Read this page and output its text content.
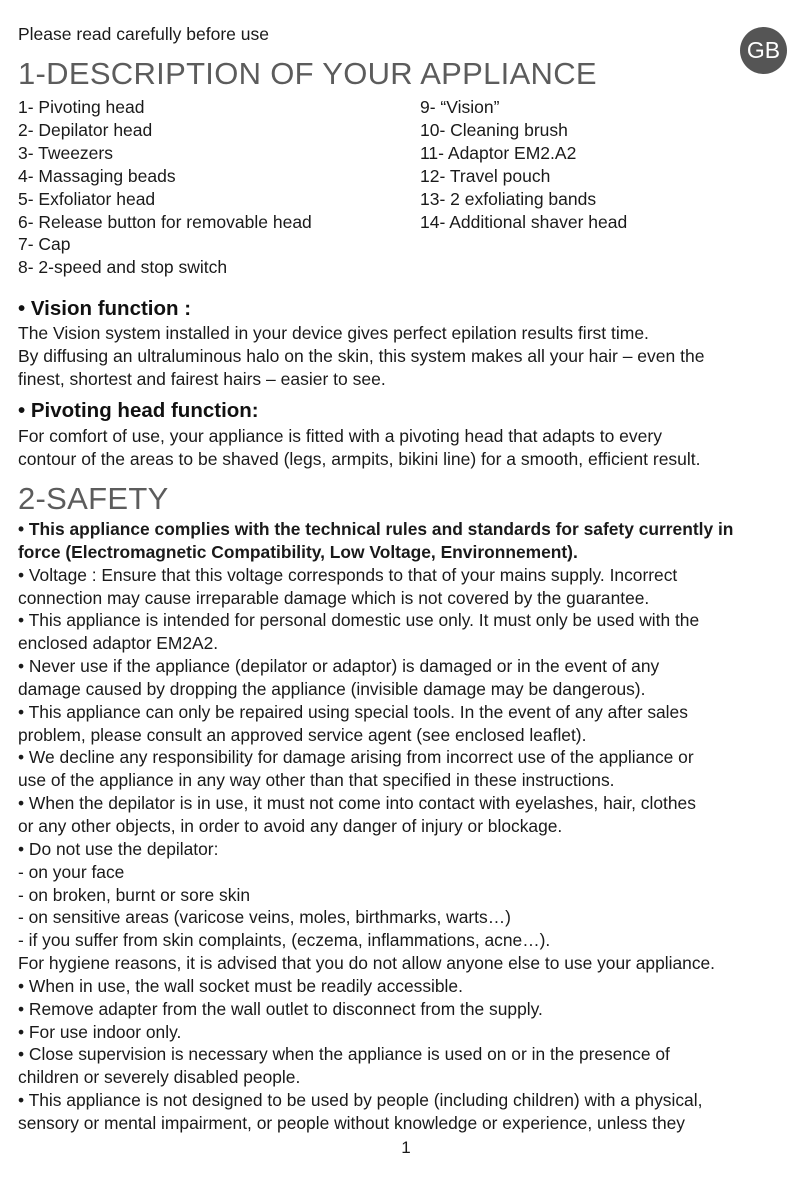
Please read carefully before use
GB
1-DESCRIPTION OF YOUR APPLIANCE
1- Pivoting head
2- Depilator head
3- Tweezers
4- Massaging beads
5- Exfoliator head
6- Release button for removable head
7- Cap
8- 2-speed and stop switch
9- “Vision”
10- Cleaning brush
11- Adaptor EM2.A2
12- Travel pouch
13- 2 exfoliating bands
14- Additional shaver head
• Vision function :
The Vision system installed in your device gives perfect epilation results first time.
By diffusing an ultraluminous halo on the skin, this system makes all your hair – even the
finest, shortest and fairest hairs – easier to see.
• Pivoting head function:
For comfort of use, your appliance is fitted with a pivoting head that adapts to every
contour of the areas to be shaved (legs, armpits, bikini line) for a smooth, efficient result.
2-SAFETY
• This appliance complies with the technical rules and standards for safety currently in
force (Electromagnetic Compatibility, Low Voltage, Environnement).
• Voltage : Ensure that this voltage corresponds to that of your mains supply. Incorrect
connection may cause irreparable damage which is not covered by the guarantee.
• This appliance is intended for personal domestic use only. It must only be used with the
enclosed adaptor EM2A2.
• Never use if the appliance (depilator or adaptor) is damaged or in the event of any
damage caused by dropping the appliance (invisible damage may be dangerous).
• This appliance can only be repaired using special tools. In the event of any after sales
problem, please consult an approved service agent (see enclosed leaflet).
• We decline any responsibility for damage arising from incorrect use of the appliance or
use of the appliance in any way other than that specified in these instructions.
• When the depilator is in use, it must not come into contact with eyelashes, hair, clothes
or any other objects, in order to avoid any danger of injury or blockage.
• Do not use the depilator:
- on your face
- on broken, burnt or sore skin
- on sensitive areas (varicose veins, moles, birthmarks, warts…)
- if you suffer from skin complaints, (eczema, inflammations, acne…).
For hygiene reasons, it is advised that you do not allow anyone else to use your appliance.
• When in use, the wall socket must be readily accessible.
• Remove adapter from the wall outlet to disconnect from the supply.
• For use indoor only.
• Close supervision is necessary when the appliance is used on or in the presence of
children or severely disabled people.
• This appliance is not designed to be used by people (including children) with a physical,
sensory or mental impairment, or people without knowledge or experience, unless they
1
